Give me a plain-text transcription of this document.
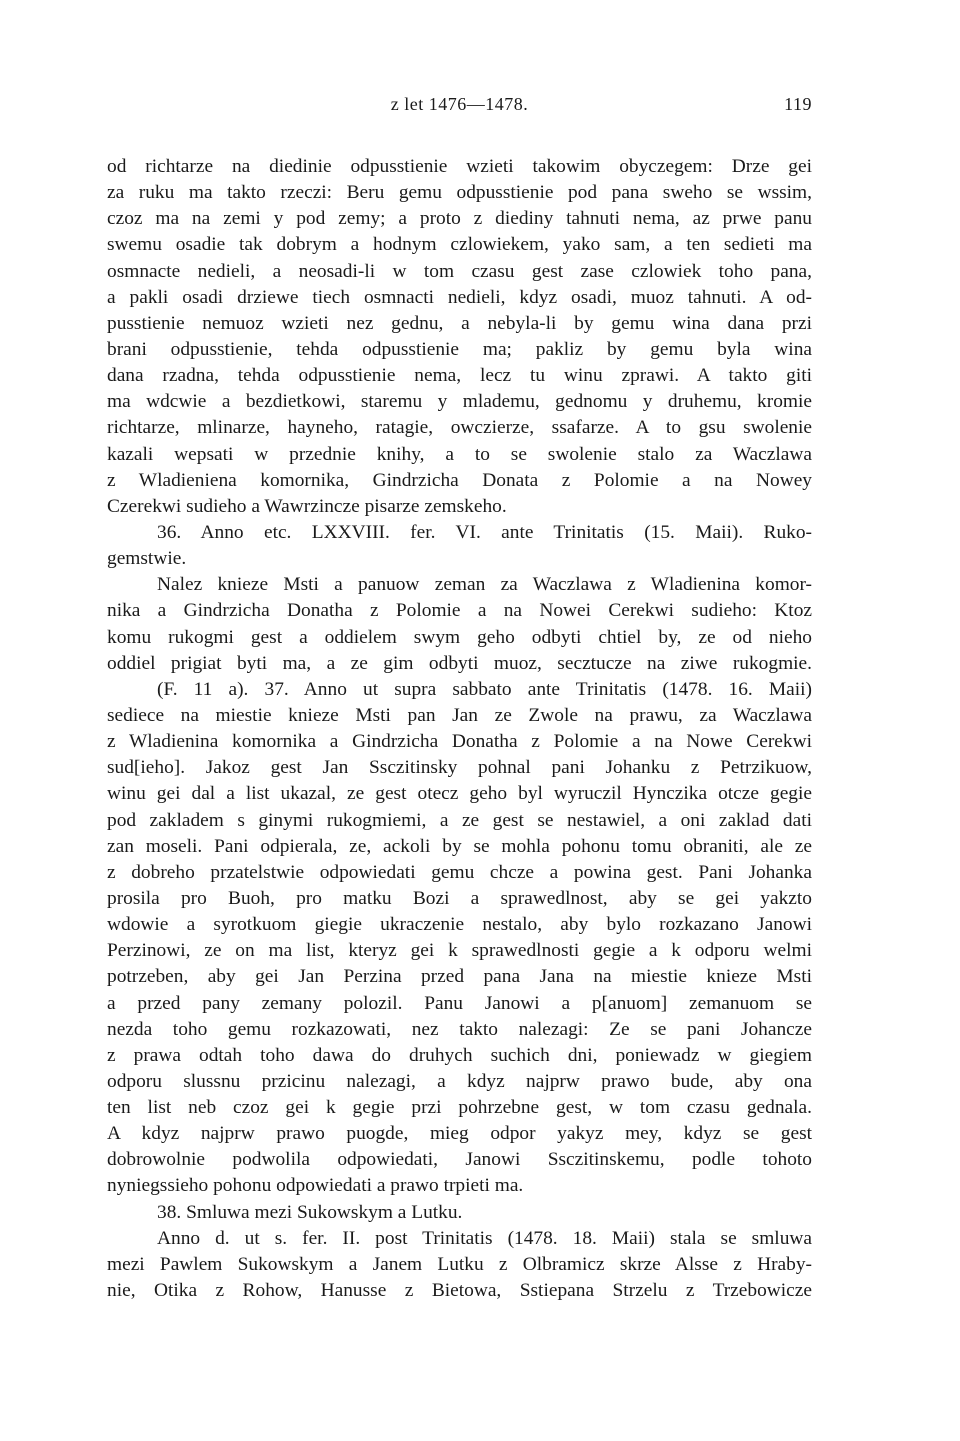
z let 1476—1478.	119
od richtarze na diedinie odpusstienie wzieti takowim obyczegem: Drze gei
za ruku ma takto rzeczi: Beru gemu odpusstienie pod pana sweho se wssim,
czoz ma na zemi y pod zemy; a proto z diediny tahnuti nema, az prwe panu
swemu osadie tak dobrym a hodnym czlowiekem, yako sam, a ten sedieti ma
osmnacte nedieli, a neosadi-li w tom czasu gest zase czlowiek toho pana,
a pakli osadi drziewe tiech osmnacti nedieli, kdyz osadi, muoz tahnuti. A od-
pusstienie nemuoz wzieti nez gednu, a nebyla-li by gemu wina dana przi
brani odpusstienie, tehda odpusstienie ma; pakliz by gemu byla wina
dana rzadna, tehda odpusstienie nema, lecz tu winu zprawi. A takto giti
ma wdcwie a bezdietkowi, staremu y mlademu, gednomu y druhemu, kromie
richtarze, mlinarze, hayneho, ratagie, owczierze, ssafarze. A to gsu swolenie
kazali wepsati w przednie knihy, a to se swolenie stalo za Waczlawa
z Wladieniena komornika, Gindrzicha Donata z Polomie a na Nowey
Czerekwi sudieho a Wawrzincze pisarze zemskeho.
36. Anno etc. LXXVIII. fer. VI. ante Trinitatis (15. Maii). Ruko-
gemstwie.
Nalez knieze Msti a panuow zeman za Waczlawa z Wladienina komor-
nika a Gindrzicha Donatha z Polomie a na Nowei Cerekwi sudieho: Ktoz
komu rukogmi gest a oddielem swym geho odbyti chtiel by, ze od nieho
oddiel prigiat byti ma, a ze gim odbyti muoz, secztucze na ziwe rukogmie.
(F. 11 a). 37. Anno ut supra sabbato ante Trinitatis (1478. 16. Maii)
sediece na miestie knieze Msti pan Jan ze Zwole na prawu, za Waczlawa
z Wladienina komornika a Gindrzicha Donatha z Polomie a na Nowe Cerekwi
sud[ieho]. Jakoz gest Jan Ssczitinsky pohnal pani Johanku z Petrzikuow,
winu gei dal a list ukazal, ze gest otecz geho byl wyruczil Hynczika otcze gegie
pod zakladem s ginymi rukogmiemi, a ze gest se nestawiel, a oni zaklad dati
zan moseli. Pani odpierala, ze, ackoli by se mohla pohonu tomu obraniti, ale ze
z dobreho przatelstwie odpowiedati gemu chcze a powina gest. Pani Johanka
prosila pro Buoh, pro matku Bozi a sprawedlnost, aby se gei yakzto
wdowie a syrotkuom giegie ukraczenie nestalo, aby bylo rozkazano Janowi
Perzinowi, ze on ma list, kteryz gei k sprawedlnosti gegie a k odporu welmi
potrzeben, aby gei Jan Perzina przed pana Jana na miestie knieze Msti
a przed pany zemany polozil. Panu Janowi a p[anuom] zemanuom se
nezda toho gemu rozkazowati, nez takto nalezagi: Ze se pani Johancze
z prawa odtah toho dawa do druhych suchich dni, poniewadz w giegiem
odporu slussnu przicinu nalezagi, a kdyz najprw prawo bude, aby ona
ten list neb czoz gei k gegie przi pohrzebne gest, w tom czasu gednala.
A kdyz najprw prawo puogde, mieg odpor yakyz mey, kdyz se gest
dobrowolnie podwolila odpowiedati, Janowi Ssczitinskemu, podle tohoto
nyniegssieho pohonu odpowiedati a prawo trpieti ma.
38. Smluwa mezi Sukowskym a Lutku.
Anno d. ut s. fer. II. post Trinitatis (1478. 18. Maii) stala se smluwa
mezi Pawlem Sukowskym a Janem Lutku z Olbramicz skrze Alsse z Hraby-
nie, Otika z Rohow, Hanusse z Bietowa, Sstiepana Strzelu z Trzebowicze
